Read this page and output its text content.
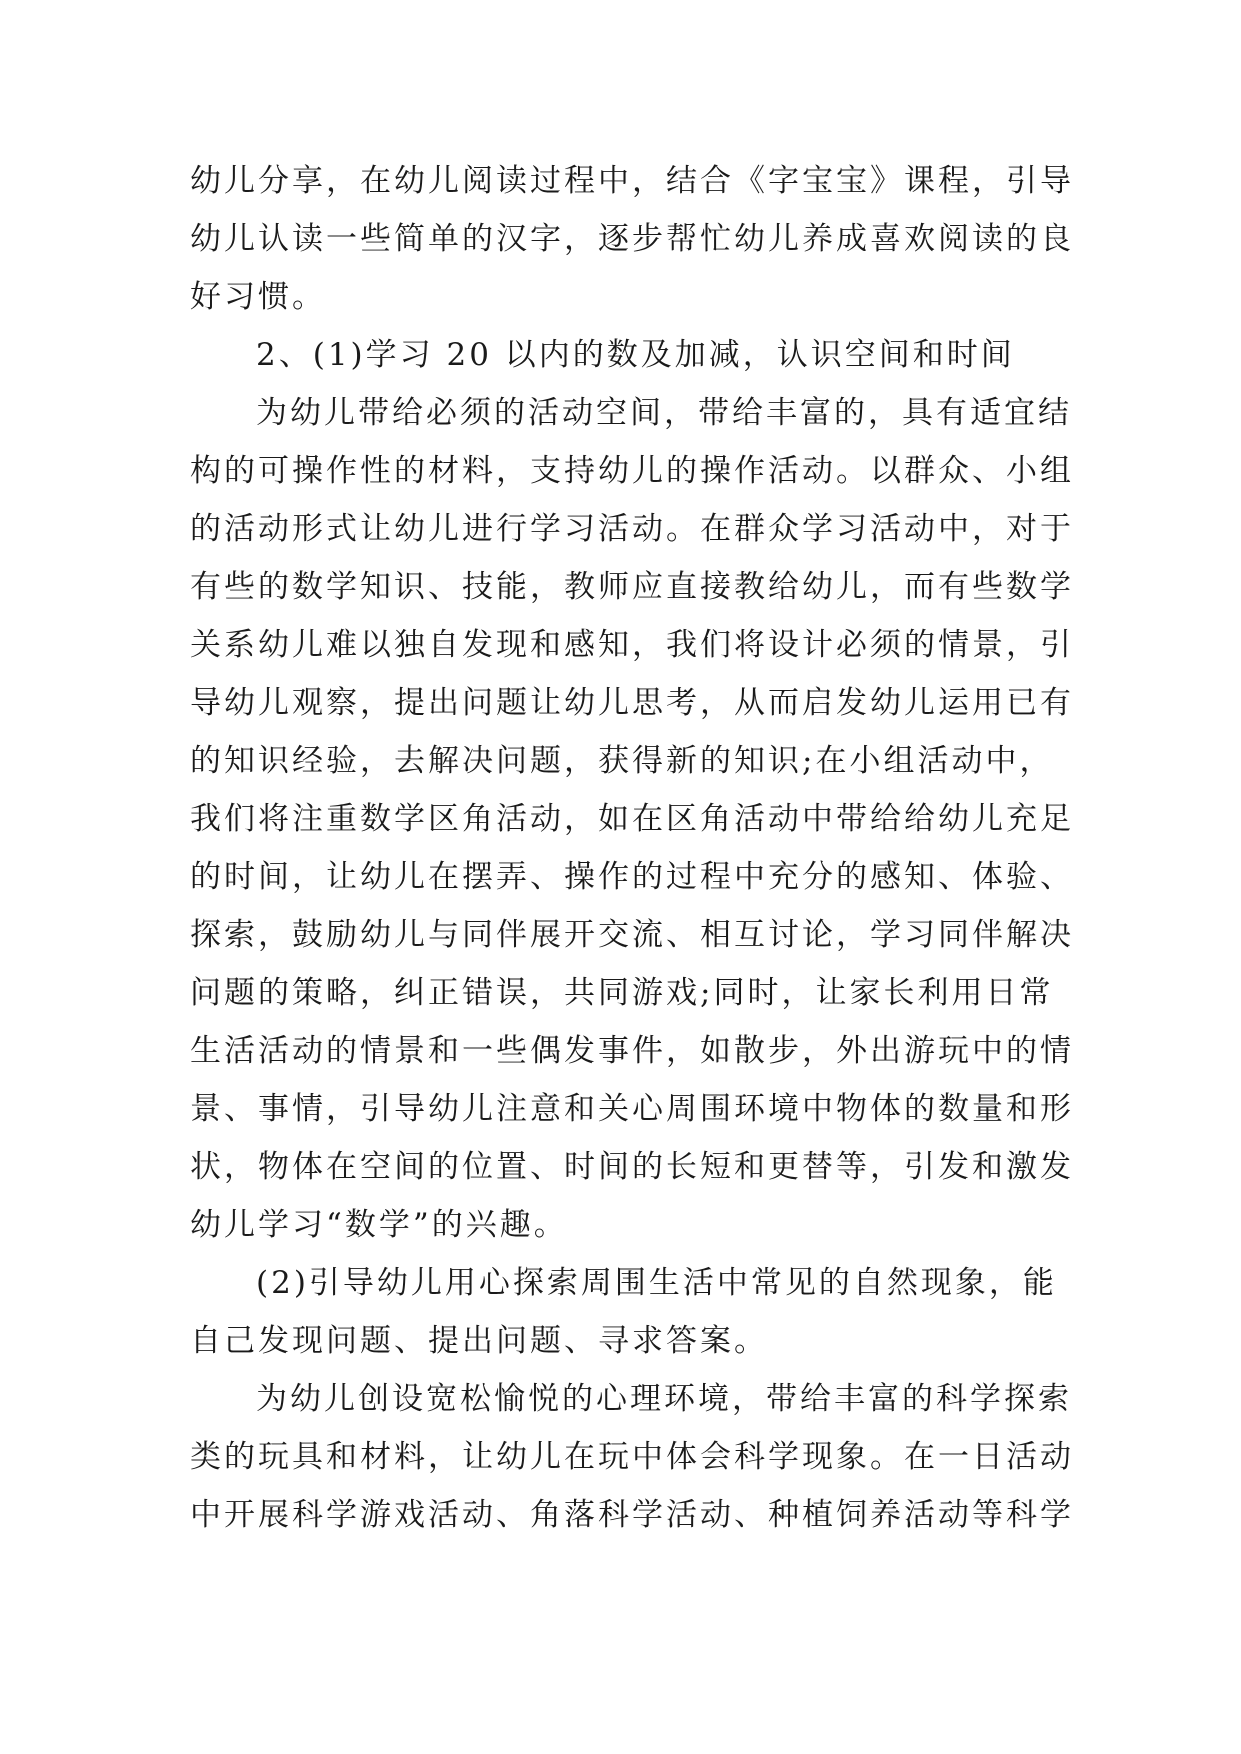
幼儿分享，在幼儿阅读过程中，结合《字宝宝》课程，引导
幼儿认读一些简单的汉字，逐步帮忙幼儿养成喜欢阅读的良
好习惯。
2、(1)学习 20 以内的数及加减，认识空间和时间
为幼儿带给必须的活动空间，带给丰富的，具有适宜结
构的可操作性的材料，支持幼儿的操作活动。以群众、小组
的活动形式让幼儿进行学习活动。在群众学习活动中，对于
有些的数学知识、技能，教师应直接教给幼儿，而有些数学
关系幼儿难以独自发现和感知，我们将设计必须的情景，引
导幼儿观察，提出问题让幼儿思考，从而启发幼儿运用已有
的知识经验，去解决问题，获得新的知识;在小组活动中，
我们将注重数学区角活动，如在区角活动中带给给幼儿充足
的时间，让幼儿在摆弄、操作的过程中充分的感知、体验、
探索，鼓励幼儿与同伴展开交流、相互讨论，学习同伴解决
问题的策略，纠正错误，共同游戏;同时，让家长利用日常
生活活动的情景和一些偶发事件，如散步，外出游玩中的情
景、事情，引导幼儿注意和关心周围环境中物体的数量和形
状，物体在空间的位置、时间的长短和更替等，引发和激发
幼儿学习“数学”的兴趣。
(2)引导幼儿用心探索周围生活中常见的自然现象，能
自己发现问题、提出问题、寻求答案。
为幼儿创设宽松愉悦的心理环境，带给丰富的科学探索
类的玩具和材料，让幼儿在玩中体会科学现象。在一日活动
中开展科学游戏活动、角落科学活动、种植饲养活动等科学
